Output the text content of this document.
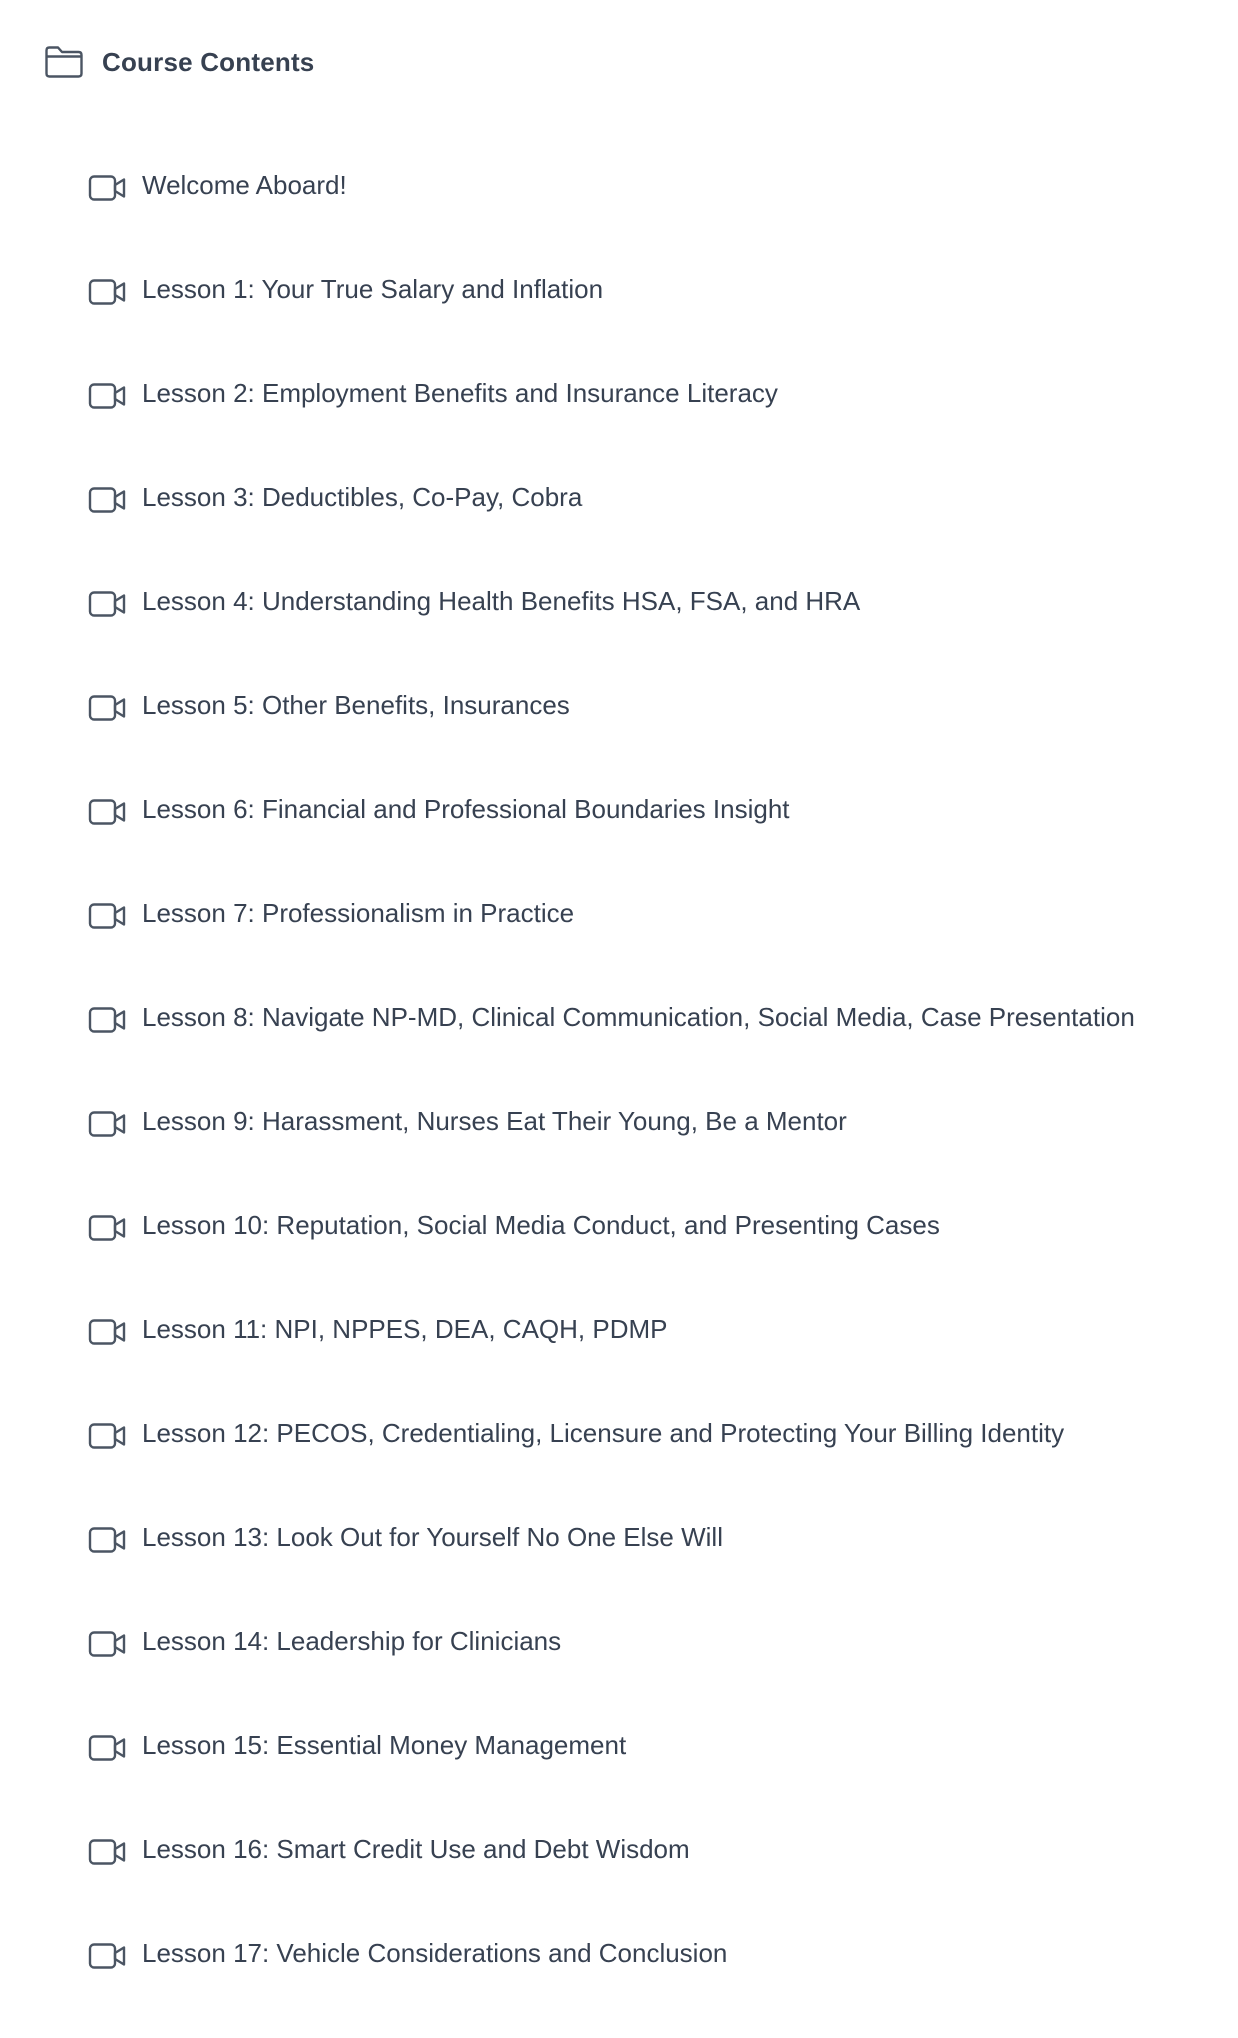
Course Contents
Welcome Aboard!
Lesson 1: Your True Salary and Inflation
Lesson 2: Employment Benefits and Insurance Literacy
Lesson 3: Deductibles, Co-Pay, Cobra
Lesson 4: Understanding Health Benefits HSA, FSA, and HRA
Lesson 5: Other Benefits, Insurances
Lesson 6: Financial and Professional Boundaries Insight
Lesson 7: Professionalism in Practice
Lesson 8: Navigate NP-MD, Clinical Communication, Social Media, Case Presentation
Lesson 9: Harassment, Nurses Eat Their Young, Be a Mentor
Lesson 10: Reputation, Social Media Conduct, and Presenting Cases
Lesson 11: NPI, NPPES, DEA, CAQH, PDMP
Lesson 12: PECOS, Credentialing, Licensure and Protecting Your Billing Identity
Lesson 13: Look Out for Yourself No One Else Will
Lesson 14: Leadership for Clinicians
Lesson 15: Essential Money Management
Lesson 16: Smart Credit Use and Debt Wisdom
Lesson 17: Vehicle Considerations and Conclusion
